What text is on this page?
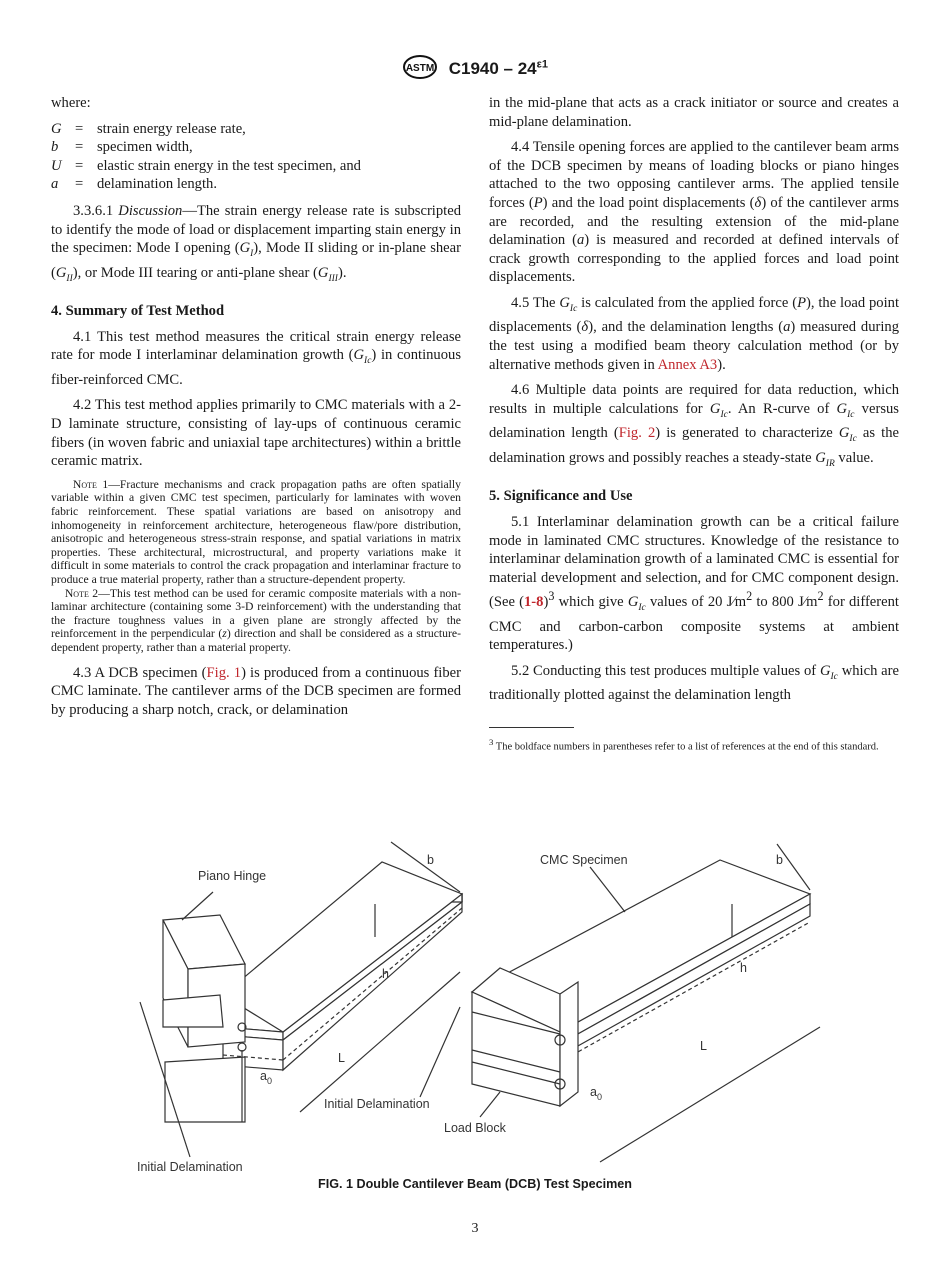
ASTM $C1940 - 24^{\varepsilon 1}$

where:

G = strain energy release rate,
b	= specimen width,
U = elastic strain energy in the test specimen, and
a	= delamination length.

3.3.6.1 Discussion—The strain energy release rate is subscripted to identify the mode of load or displacement imparting stain energy in the specimen: Mode I opening $(G_I)$, Mode II sliding or in-plane shear $(G_{II})$, or Mode III tearing or anti-plane shear $(G_{III})$.

4. Summary of Test Method

4.1 This test method measures the critical strain energy release rate for mode I interlaminar delamination growth $(G_{Ic})$ in continuous fiber-reinforced CMC.

4.2 This test method applies primarily to CMC materials with a 2-D laminate structure, consisting of lay-ups of continuous ceramic fibers (in woven fabric and uniaxial tape architectures) within a brittle ceramic matrix.

Note 1—Fracture mechanisms and crack propagation paths are often spatially variable within a given CMC test specimen, particularly for laminates with woven fabric reinforcement. These spatial variations are based on anisotropy and inhomogeneity in reinforcement architecture, heterogeneous flaw/pore distribution, anisotropic and heterogeneous stress-strain response, and spatial variations in matrix properties. These architectural, microstructural, and property variations make it difficult in some materials to control the crack propagation and interlaminar fracture to produce a true material property, rather than a structure-dependent property.

Note 2—This test method can be used for ceramic composite materials with a non-laminar architecture (containing some 3-D reinforcement) with the understanding that the fracture toughness values in a given plane are strongly affected by the reinforcement in the perpendicular (z) direction and shall be considered as a structure-dependent property, rather than a material property.

4.3 A DCB specimen (Fig. 1) is produced from a continuous fiber CMC laminate. The cantilever arms of the DCB specimen are formed by producing a sharp notch, crack, or delamination

in the mid-plane that acts as a crack initiator or source and creates a mid-plane delamination.

4.4 Tensile opening forces are applied to the cantilever beam arms of the DCB specimen by means of loading blocks or piano hinges attached to the two opposing cantilever arms. The applied tensile forces (P) and the load point displacements (δ) of the cantilever arms are recorded, and the resulting extension of the mid-plane delamination (a) is measured and recorded at defined intervals of crack growth corresponding to the applied forces and load point displacements.

4.5 The $G_{Ic}$ is calculated from the applied force (P), the load point displacements (δ), and the delamination lengths (a) measured during the test using a modified beam theory calculation method (or by alternative methods given in Annex A3).

4.6 Multiple data points are required for data reduction, which results in multiple calculations for $G_{Ic}$. An R-curve of $G_{Ic}$ versus delamination length (Fig. 2) is generated to characterize $G_{Ic}$ as the delamination grows and possibly reaches a steady-state $G_{IR}$ value.

5. Significance and Use

5.1 Interlaminar delamination growth can be a critical failure mode in laminated CMC structures. Knowledge of the resistance to interlaminar delamination growth of a laminated CMC is essential for material development and selection, and for CMC component design. (See $(1-8)^3$ which give $G_{Ic}$ values of 20 $J⁄m^2$ to 800 $J⁄m^2$ for different CMC and carbon-carbon composite systems at ambient temperatures.)

5.2 Conducting this test produces multiple values of $G_{Ic}$ which are traditionally plotted against the delamination length

$^3$ The boldface numbers in parentheses refer to a list of references at the end of this standard.

Piano Hinge
CMC Specimen
b	b
h	h
L
L
$a_0$
$a_0$
Initial Delamination
Load Block
Initial Delamination
FIG. 1 Double Cantilever Beam (DCB) Test Specimen
3
